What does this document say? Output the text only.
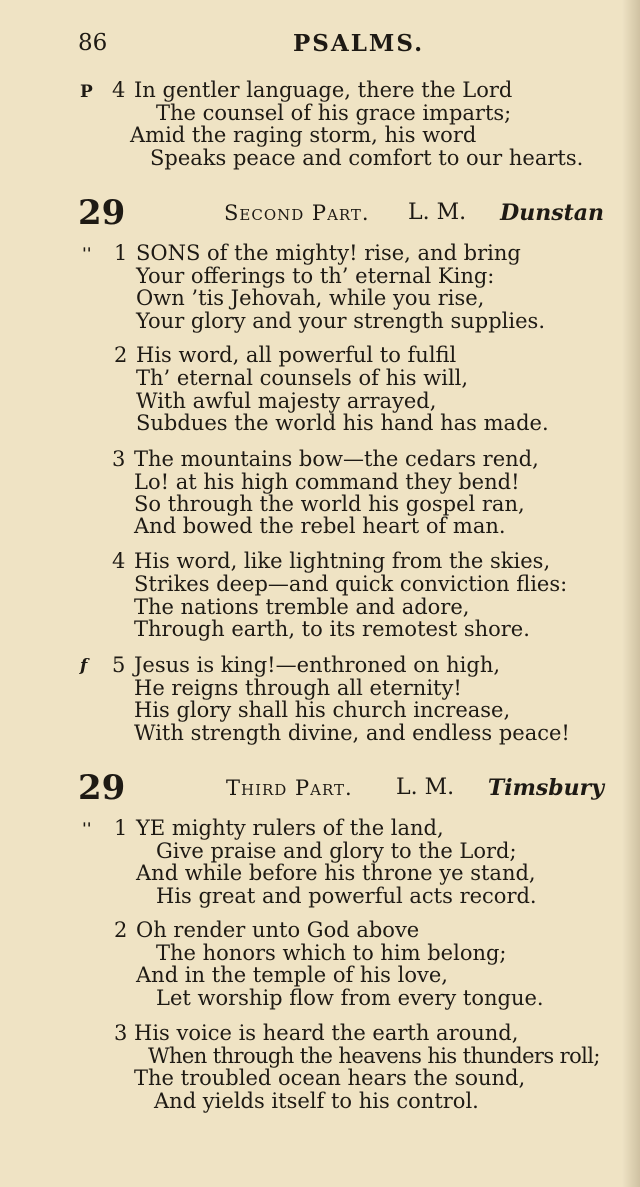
86	PSALMS.
P 4 In gentler language, there the Lord
The counsel of his grace imparts;
Amid the raging storm, his word
Speaks peace and comfort to our hearts.
29	Second Part. L. M. Dunstan
ˈˈ 1 SONS of the mighty! rise, and bring
Your offerings to th’ eternal King:
Own ’tis Jehovah, while you rise,
Your glory and your strength supplies.
2 His word, all powerful to fulfil
Th’ eternal counsels of his will,
With awful majesty arrayed,
Subdues the world his hand has made.
3 The mountains bow—the cedars rend,
Lo! at his high command they bend!
So through the world his gospel ran,
And bowed the rebel heart of man.
4 His word, like lightning from the skies,
Strikes deep—and quick conviction flies:
The nations tremble and adore,
Through earth, to its remotest shore.
f 5 Jesus is king!—enthroned on high,
He reigns through all eternity!
His glory shall his church increase,
With strength divine, and endless peace!
29	Third Part. L. M. Timsbury
ˈˈ 1 YE mighty rulers of the land,
Give praise and glory to the Lord;
And while before his throne ye stand,
His great and powerful acts record.
2 Oh render unto God above
The honors which to him belong;
And in the temple of his love,
Let worship flow from every tongue.
3 His voice is heard the earth around,
When through the heavens his thunders roll;
The troubled ocean hears the sound,
And yields itself to his control.
